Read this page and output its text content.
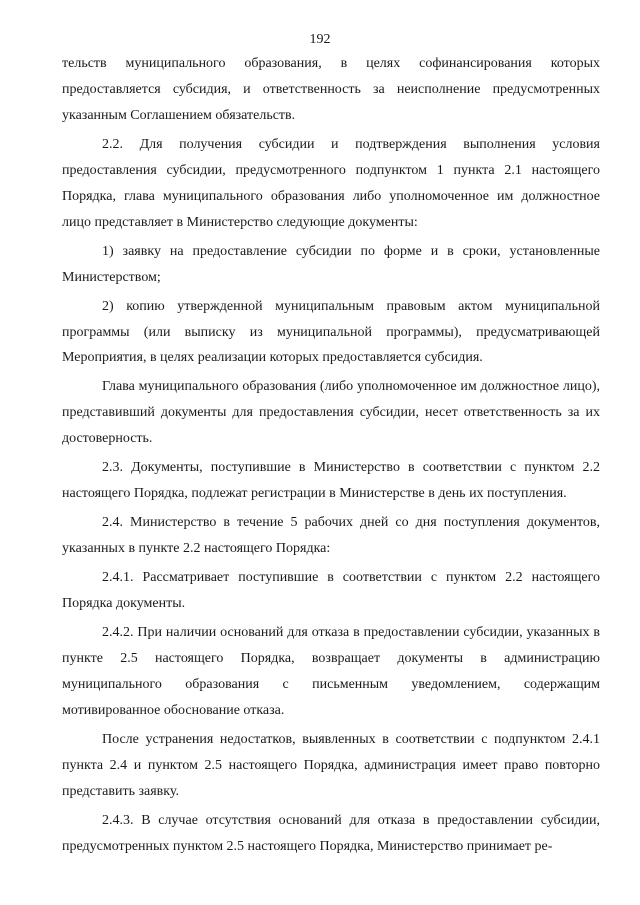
192

тельств муниципального образования, в целях софинансирования которых предоставляется субсидия, и ответственность за неисполнение предусмотренных указанным Соглашением обязательств.

2.2. Для получения субсидии и подтверждения выполнения условия предоставления субсидии, предусмотренного подпунктом 1 пункта 2.1 настоящего Порядка, глава муниципального образования либо уполномоченное им должностное лицо представляет в Министерство следующие документы:

1) заявку на предоставление субсидии по форме и в сроки, установленные Министерством;

2) копию утвержденной муниципальным правовым актом муниципальной программы (или выписку из муниципальной программы), предусматривающей Мероприятия, в целях реализации которых предоставляется субсидия.

Глава муниципального образования (либо уполномоченное им должностное лицо), представивший документы для предоставления субсидии, несет ответственность за их достоверность.

2.3. Документы, поступившие в Министерство в соответствии с пунктом 2.2 настоящего Порядка, подлежат регистрации в Министерстве в день их поступления.

2.4. Министерство в течение 5 рабочих дней со дня поступления документов, указанных в пункте 2.2 настоящего Порядка:

2.4.1. Рассматривает поступившие в соответствии с пунктом 2.2 настоящего Порядка документы.

2.4.2. При наличии оснований для отказа в предоставлении субсидии, указанных в пункте 2.5 настоящего Порядка, возвращает документы в администрацию муниципального образования с письменным уведомлением, содержащим мотивированное обоснование отказа.

После устранения недостатков, выявленных в соответствии с подпунктом 2.4.1 пункта 2.4 и пунктом 2.5 настоящего Порядка, администрация имеет право повторно представить заявку.

2.4.3. В случае отсутствия оснований для отказа в предоставлении субсидии, предусмотренных пунктом 2.5 настоящего Порядка, Министерство принимает ре-
